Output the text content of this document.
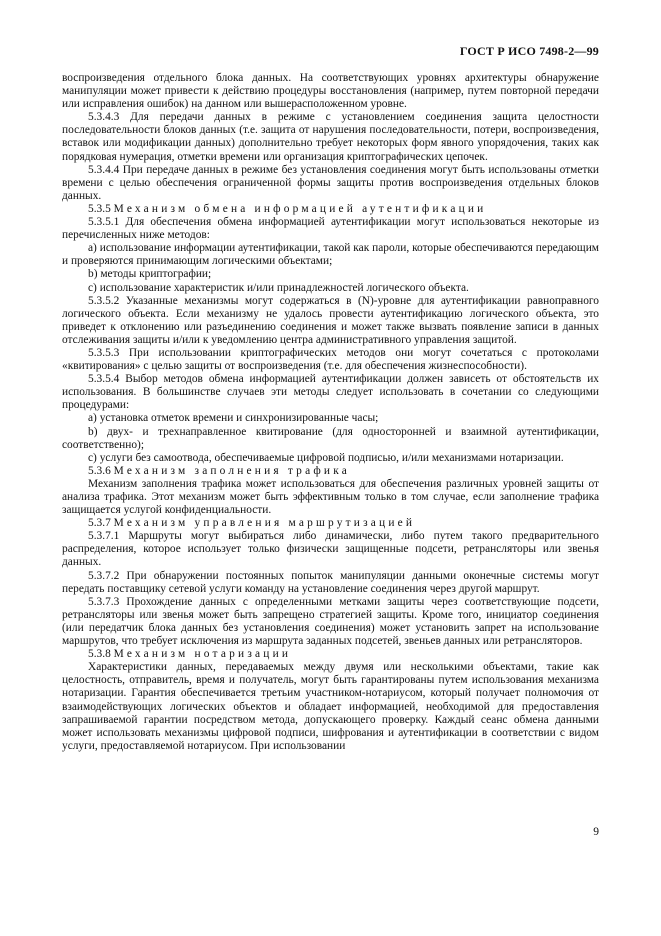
ГОСТ Р ИСО 7498-2—99

воспроизведения отдельного блока данных. На соответствующих уровнях архитектуры обнаружение манипуляции может привести к действию процедуры восстановления (например, путем повторной передачи или исправления ошибок) на данном или вышерасположенном уровне.

5.3.4.3 Для передачи данных в режиме с установлением соединения защита целостности последовательности блоков данных (т.е. защита от нарушения последовательности, потери, воспроизведения, вставок или модификации данных) дополнительно требует некоторых форм явного упорядочения, таких как порядковая нумерация, отметки времени или организация криптографических цепочек.

5.3.4.4 При передаче данных в режиме без установления соединения могут быть использованы отметки времени с целью обеспечения ограниченной формы защиты против воспроизведения отдельных блоков данных.

5.3.5 Механизм обмена информацией аутентификации

5.3.5.1 Для обеспечения обмена информацией аутентификации могут использоваться некоторые из перечисленных ниже методов:

а) использование информации аутентификации, такой как пароли, которые обеспечиваются передающим и проверяются принимающим логическими объектами;

b) методы криптографии;

c) использование характеристик и/или принадлежностей логического объекта.

5.3.5.2 Указанные механизмы могут содержаться в (N)-уровне для аутентификации равноправного логического объекта. Если механизму не удалось провести аутентификацию логического объекта, это приведет к отклонению или разъединению соединения и может также вызвать появление записи в данных отслеживания защиты и/или к уведомлению центра административного управления защитой.

5.3.5.3 При использовании криптографических методов они могут сочетаться с протоколами «квитирования» с целью защиты от воспроизведения (т.е. для обеспечения жизнеспособности).

5.3.5.4 Выбор методов обмена информацией аутентификации должен зависеть от обстоятельств их использования. В большинстве случаев эти методы следует использовать в сочетании со следующими процедурами:

а) установка отметок времени и синхронизированные часы;

b) двух- и трехнаправленное квитирование (для односторонней и взаимной аутентификации, соответственно);

c) услуги без самоотвода, обеспечиваемые цифровой подписью, и/или механизмами нотаризации.

5.3.6 Механизм заполнения трафика

Механизм заполнения трафика может использоваться для обеспечения различных уровней защиты от анализа трафика. Этот механизм может быть эффективным только в том случае, если заполнение трафика защищается услугой конфиденциальности.

5.3.7 Механизм управления маршрутизацией

5.3.7.1 Маршруты могут выбираться либо динамически, либо путем такого предварительного распределения, которое использует только физически защищенные подсети, ретрансляторы или звенья данных.

5.3.7.2 При обнаружении постоянных попыток манипуляции данными оконечные системы могут передать поставщику сетевой услуги команду на установление соединения через другой маршрут.

5.3.7.3 Прохождение данных с определенными метками защиты через соответствующие подсети, ретрансляторы или звенья может быть запрещено стратегией защиты. Кроме того, инициатор соединения (или передатчик блока данных без установления соединения) может установить запрет на использование маршрутов, что требует исключения из маршрута заданных подсетей, звеньев данных или ретрансляторов.

5.3.8 Механизм нотаризации

Характеристики данных, передаваемых между двумя или несколькими объектами, такие как целостность, отправитель, время и получатель, могут быть гарантированы путем использования механизма нотаризации. Гарантия обеспечивается третьим участником-нотариусом, который получает полномочия от взаимодействующих логических объектов и обладает информацией, необходимой для предоставления запрашиваемой гарантии посредством метода, допускающего проверку. Каждый сеанс обмена данными может использовать механизмы цифровой подписи, шифрования и аутентификации в соответствии с видом услуги, предоставляемой нотариусом. При использовании

9
